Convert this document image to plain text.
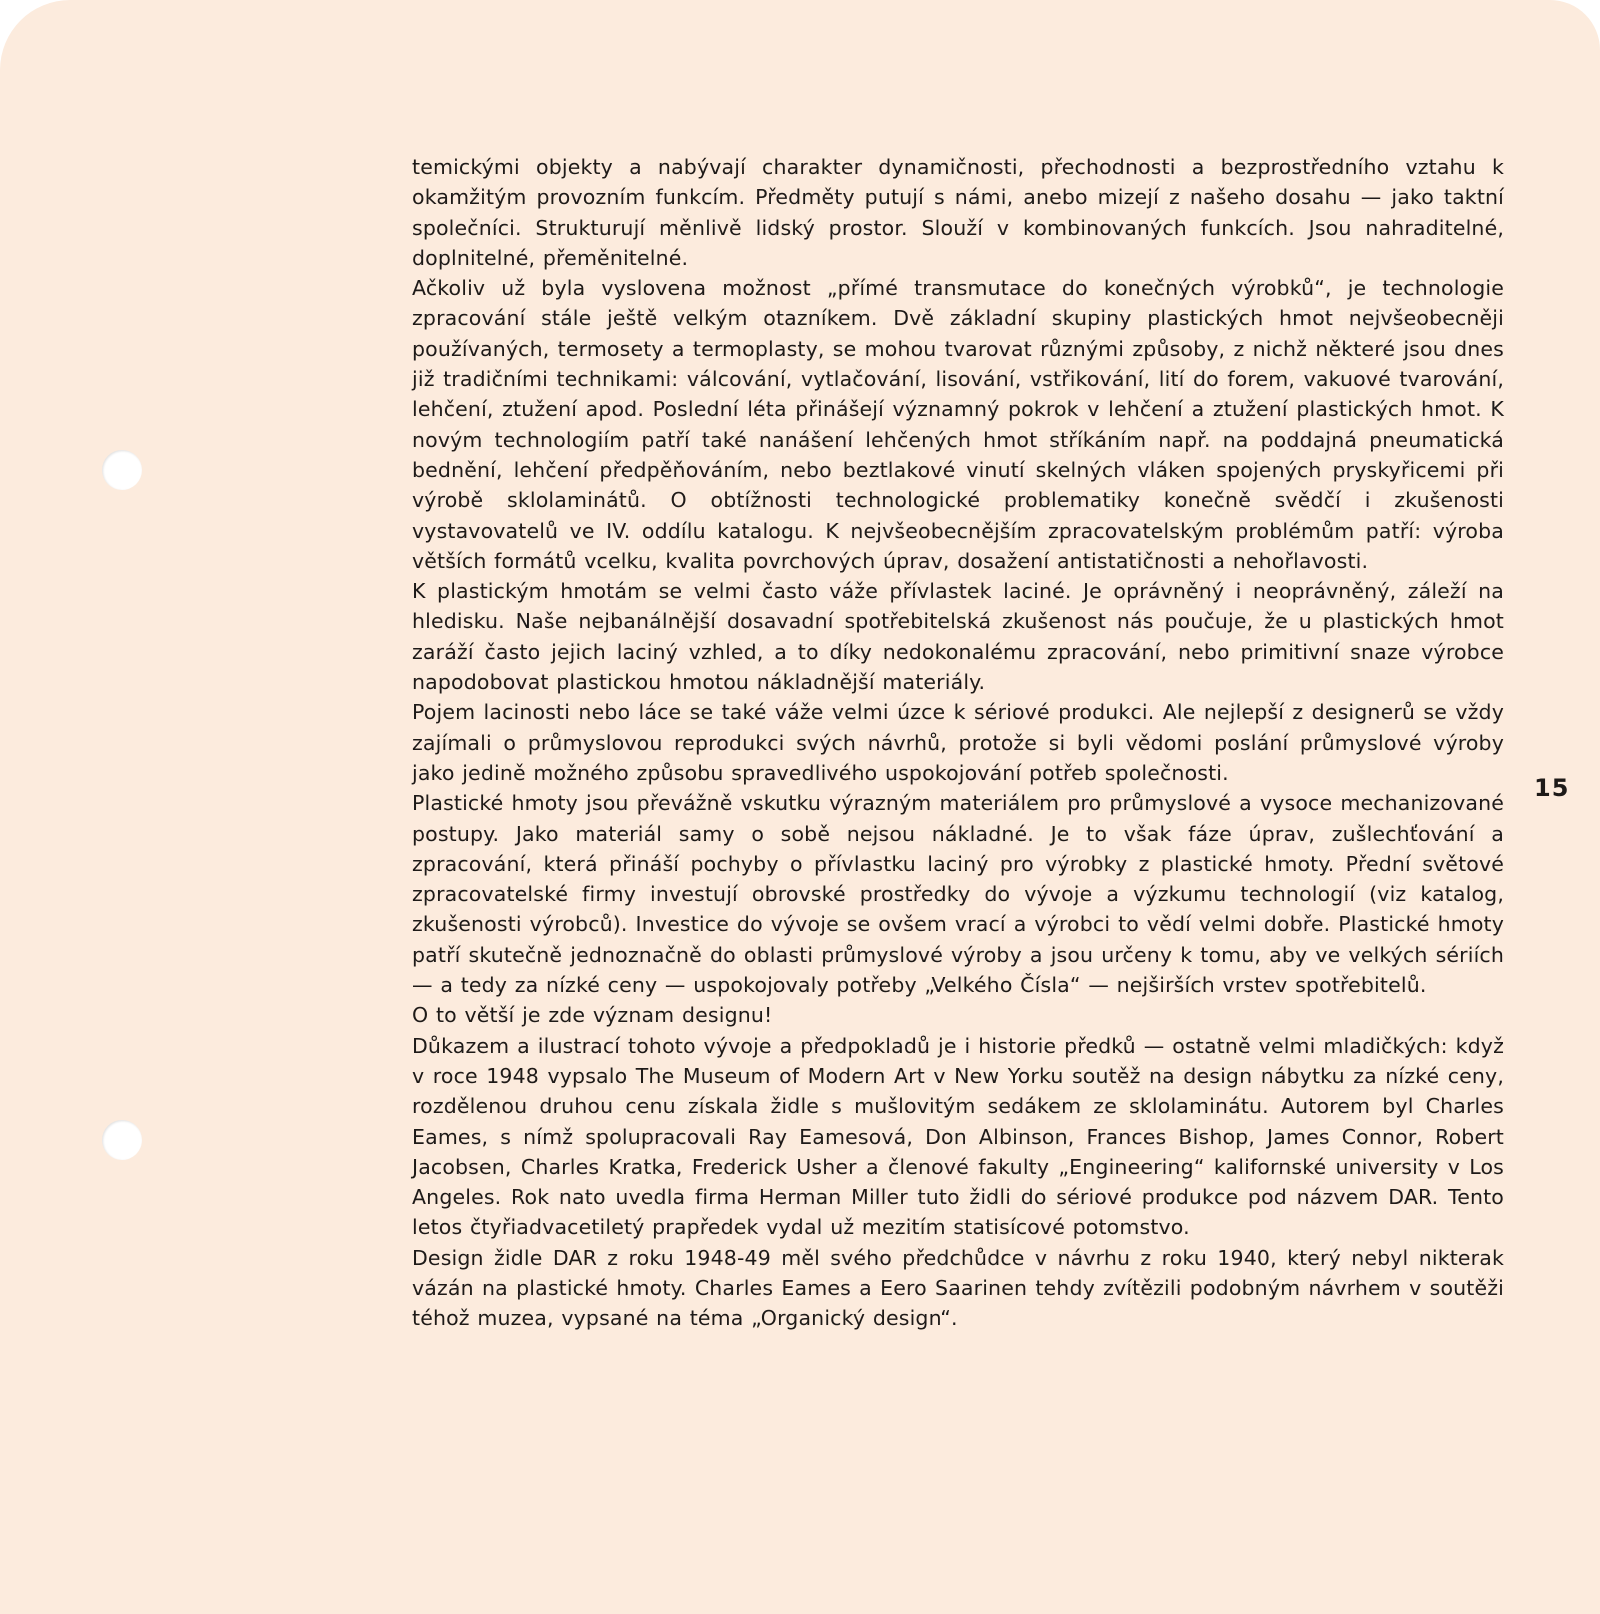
temickými objekty a nabývají charakter dynamičnosti, přechodnosti a bezprostředního vztahu k okamžitým provozním funkcím. Předměty putují s námi, anebo mizejí z našeho dosahu — jako taktní společníci. Strukturují měnlivě lidský prostor. Slouží v kombinovaných funkcích. Jsou nahraditelné, doplnitelné, přeměnitelné.

Ačkoliv už byla vyslovena možnost „přímé transmutace do konečných výrobků“, je technologie zpracování stále ještě velkým otazníkem. Dvě základní skupiny plastických hmot nejvšeobecněji používaných, termosety a termoplasty, se mohou tvarovat různými způsoby, z nichž některé jsou dnes již tradičními technikami: válcování, vytlačování, lisování, vstřikování, lití do forem, vakuové tvarování, lehčení, ztužení apod. Poslední léta přinášejí významný pokrok v lehčení a ztužení plastických hmot. K novým technologiím patří také nanášení lehčených hmot stříkáním např. na poddajná pneumatická bednění, lehčení předpěňováním, nebo beztlakové vinutí skelných vláken spojených pryskyřicemi při výrobě sklolaminátů. O obtížnosti technologické problematiky konečně svědčí i zkušenosti vystavovatelů ve IV. oddílu katalogu. K nejvšeobecnějším zpracovatelským problémům patří: výroba větších formátů vcelku, kvalita povrchových úprav, dosažení antistatičnosti a nehořlavosti.

K plastickým hmotám se velmi často váže přívlastek laciné. Je oprávněný i neoprávněný, záleží na hledisku. Naše nejbanálnější dosavadní spotřebitelská zkušenost nás poučuje, že u plastických hmot zaráží často jejich laciný vzhled, a to díky nedokonalému zpracování, nebo primitivní snaze výrobce napodobovat plastickou hmotou nákladnější materiály.

Pojem lacinosti nebo láce se také váže velmi úzce k sériové produkci. Ale nejlepší z designerů se vždy zajímali o průmyslovou reprodukci svých návrhů, protože si byli vědomi poslání průmyslové výroby jako jedině možného způsobu spravedlivého uspokojování potřeb společnosti.

Plastické hmoty jsou převážně vskutku výrazným materiálem pro průmyslové a vysoce mechanizované postupy. Jako materiál samy o sobě nejsou nákladné. Je to však fáze úprav, zušlechťování a zpracování, která přináší pochyby o přívlastku laciný pro výrobky z plastické hmoty. Přední světové zpracovatelské firmy investují obrovské prostředky do vývoje a výzkumu technologií (viz katalog, zkušenosti výrobců). Investice do vývoje se ovšem vrací a výrobci to vědí velmi dobře. Plastické hmoty patří skutečně jednoznačně do oblasti průmyslové výroby a jsou určeny k tomu, aby ve velkých sériích — a tedy za nízké ceny — uspokojovaly potřeby „Velkého Čísla“ — nejširších vrstev spotřebitelů.

O to větší je zde význam designu!

Důkazem a ilustrací tohoto vývoje a předpokladů je i historie předků — ostatně velmi mladičkých: když v roce 1948 vypsalo The Museum of Modern Art v New Yorku soutěž na design nábytku za nízké ceny, rozdělenou druhou cenu získala židle s mušlovitým sedákem ze sklolaminátu. Autorem byl Charles Eames, s nímž spolupracovali Ray Eamesová, Don Albinson, Frances Bishop, James Connor, Robert Jacobsen, Charles Kratka, Frederick Usher a členové fakulty „Engineering“ kalifornské university v Los Angeles. Rok nato uvedla firma Herman Miller tuto židli do sériové produkce pod názvem DAR. Tento letos čtyřiadvacetiletý prapředek vydal už mezitím statisícové potomstvo.

Design židle DAR z roku 1948-49 měl svého předchůdce v návrhu z roku 1940, který nebyl nikterak vázán na plastické hmoty. Charles Eames a Eero Saarinen tehdy zvítězili podobným návrhem v soutěži téhož muzea, vypsané na téma „Organický design“.

15
